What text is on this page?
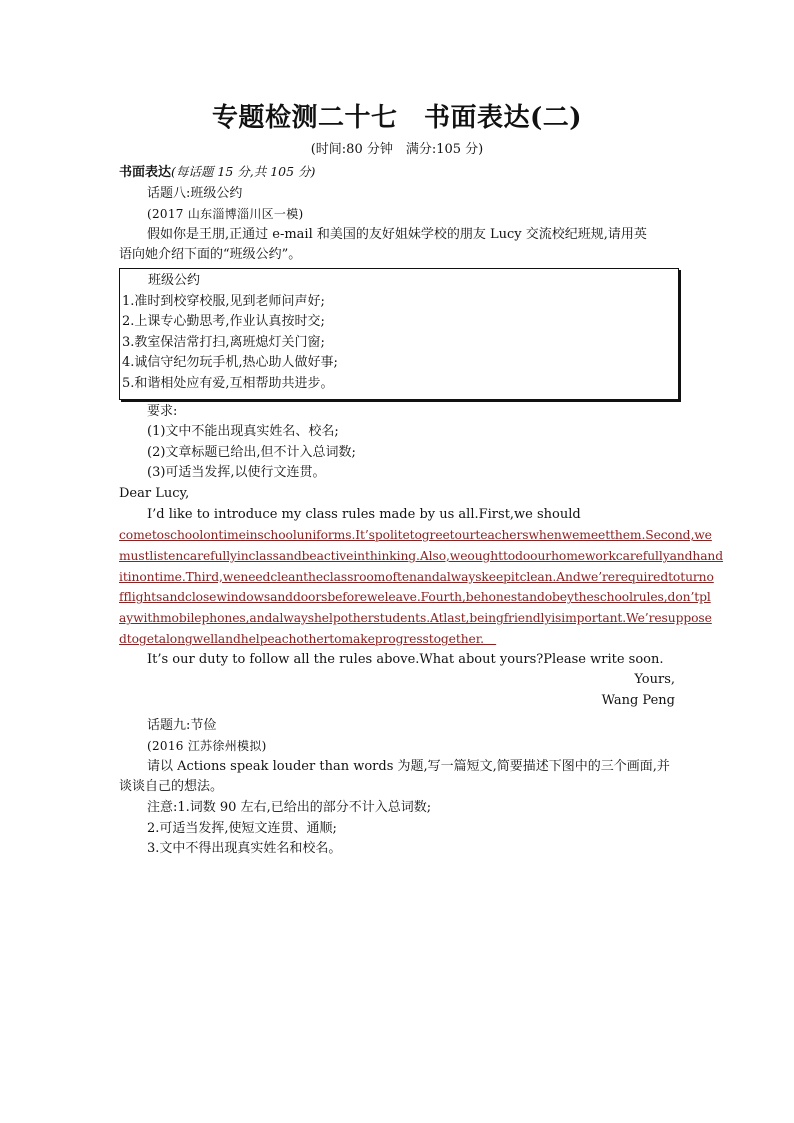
专题检测二十七　书面表达(二)

(时间:80 分钟　满分:105 分)

书面表达(每话题 15 分,共 105 分)

话题八:班级公约

(2017 山东淄博淄川区一模)

假如你是王朋,正通过 e-mail 和美国的友好姐妹学校的朋友 Lucy 交流校纪班规,请用英

语向她介绍下面的“班级公约”。

班级公约

1.准时到校穿校服,见到老师问声好;

2.上课专心勤思考,作业认真按时交;

3.教室保洁常打扫,离班熄灯关门窗;

4.诚信守纪勿玩手机,热心助人做好事;

5.和谐相处应有爱,互相帮助共进步。

要求:

(1)文中不能出现真实姓名、校名;

(2)文章标题已给出,但不计入总词数;

(3)可适当发挥,以使行文连贯。

Dear Lucy,

I’d like to introduce my class rules made by us all.First,we should

cometoschoolontimeinschooluniforms.It’spolitetogreetourteacherswhenwemeetthem.Second,we

mustlistencarefullyinclassandbeactiveinthinking.Also,weoughttodoourhomeworkcarefullyandhand

itinontime.Third,weneedcleantheclassroomoftenandalwayskeepitclean.Andwe’rerequiredtoturno

fflightsandclosewindowsanddoorsbeforeweleave.Fourth,behonestandobeytheschoolrules,don’tpl

aywithmobilephones,andalwayshelpotherstudents.Atlast,beingfriendlyisimportant.We’resuppose

dtogetalongwellandhelpeachothertomakeprogresstogether.　

It’s our duty to follow all the rules above.What about yours?Please write soon.

Yours,

Wang Peng

话题九:节俭

(2016 江苏徐州模拟)

请以 Actions speak louder than words 为题,写一篇短文,简要描述下图中的三个画面,并谈谈自己的想法。

注意:1.词数 90 左右,已给出的部分不计入总词数;

2.可适当发挥,使短文连贯、通顺;

3.文中不得出现真实姓名和校名。
